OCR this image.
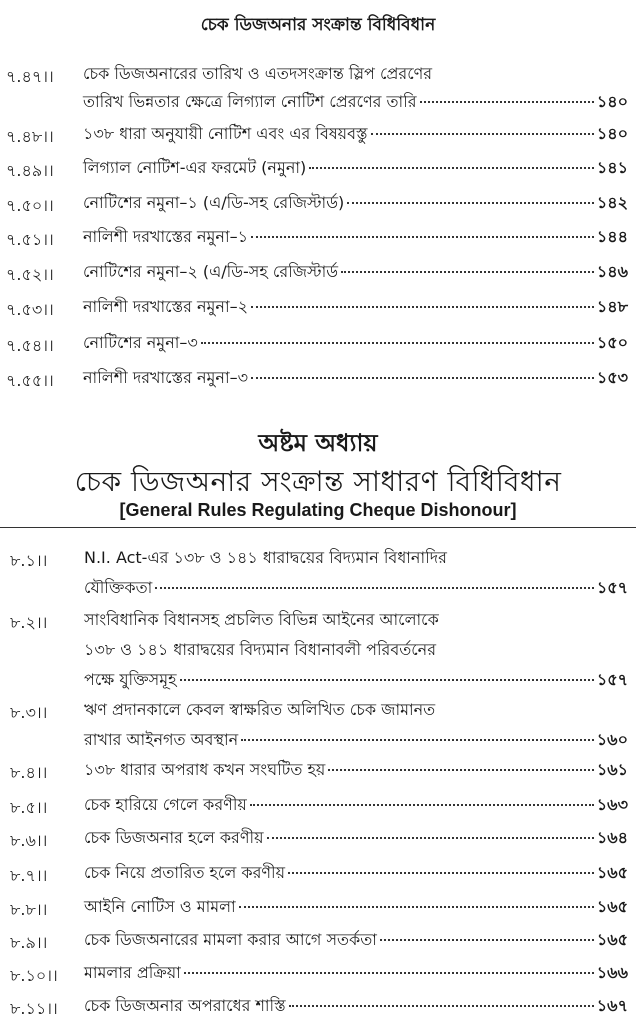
চেক ডিজঅনার সংক্রান্ত বিধিবিধান
৭.৪৭।। চেক ডিজঅনারের তারিখ ও এতদসংক্রান্ত স্লিপ প্রেরণের
তারিখ ভিন্নতার ক্ষেত্রে লিগ্যাল নোটিশ প্রেরণের তারি	১৪০
৭.৪৮।। ১৩৮ ধারা অনুযায়ী নোটিশ এবং এর বিষয়বস্তু	১৪০
৭.৪৯।। লিগ্যাল নোটিশ-এর ফরমেট (নমুনা)	১৪১
৭.৫০।। নোটিশের নমুনা–১ (এ/ডি-সহ রেজিস্টার্ড)	১৪২
৭.৫১।। নালিশী দরখাস্তের নমুনা–১	১৪৪
৭.৫২।। নোটিশের নমুনা–২ (এ/ডি-সহ রেজিস্টার্ড	১৪৬
৭.৫৩।। নালিশী দরখাস্তের নমুনা–২	১৪৮
৭.৫৪।। নোটিশের নমুনা–৩	১৫০
৭.৫৫।। নালিশী দরখাস্তের নমুনা–৩	১৫৩
অষ্টম অধ্যায়
চেক ডিজঅনার সংক্রান্ত সাধারণ বিধিবিধান
[General Rules Regulating Cheque Dishonour]
৮.১।। N.I. Act-এর ১৩৮ ও ১৪১ ধারাদ্বয়ের বিদ্যমান বিধানাদির
যৌক্তিকতা	১৫৭
৮.২।। সাংবিধানিক বিধানসহ প্রচলিত বিভিন্ন আইনের আলোকে
১৩৮ ও ১৪১ ধারাদ্বয়ের বিদ্যমান বিধানাবলী পরিবর্তনের
পক্ষে যুক্তিসমূহ	১৫৭
৮.৩।। ঋণ প্রদানকালে কেবল স্বাক্ষরিত অলিখিত চেক জামানত
রাখার আইনগত অবস্থান	১৬০
৮.৪।। ১৩৮ ধারার অপরাধ কখন সংঘটিত হয়	১৬১
৮.৫।। চেক হারিয়ে গেলে করণীয়	১৬৩
৮.৬।। চেক ডিজঅনার হলে করণীয়	১৬৪
৮.৭।। চেক নিয়ে প্রতারিত হলে করণীয়	১৬৫
৮.৮।। আইনি নোটিস ও মামলা	১৬৫
৮.৯।। চেক ডিজঅনারের মামলা করার আগে সতর্কতা	১৬৫
৮.১০।। মামলার প্রক্রিয়া	১৬৬
৮.১১।। চেক ডিজঅনার অপরাধের শাস্তি	১৬৭
